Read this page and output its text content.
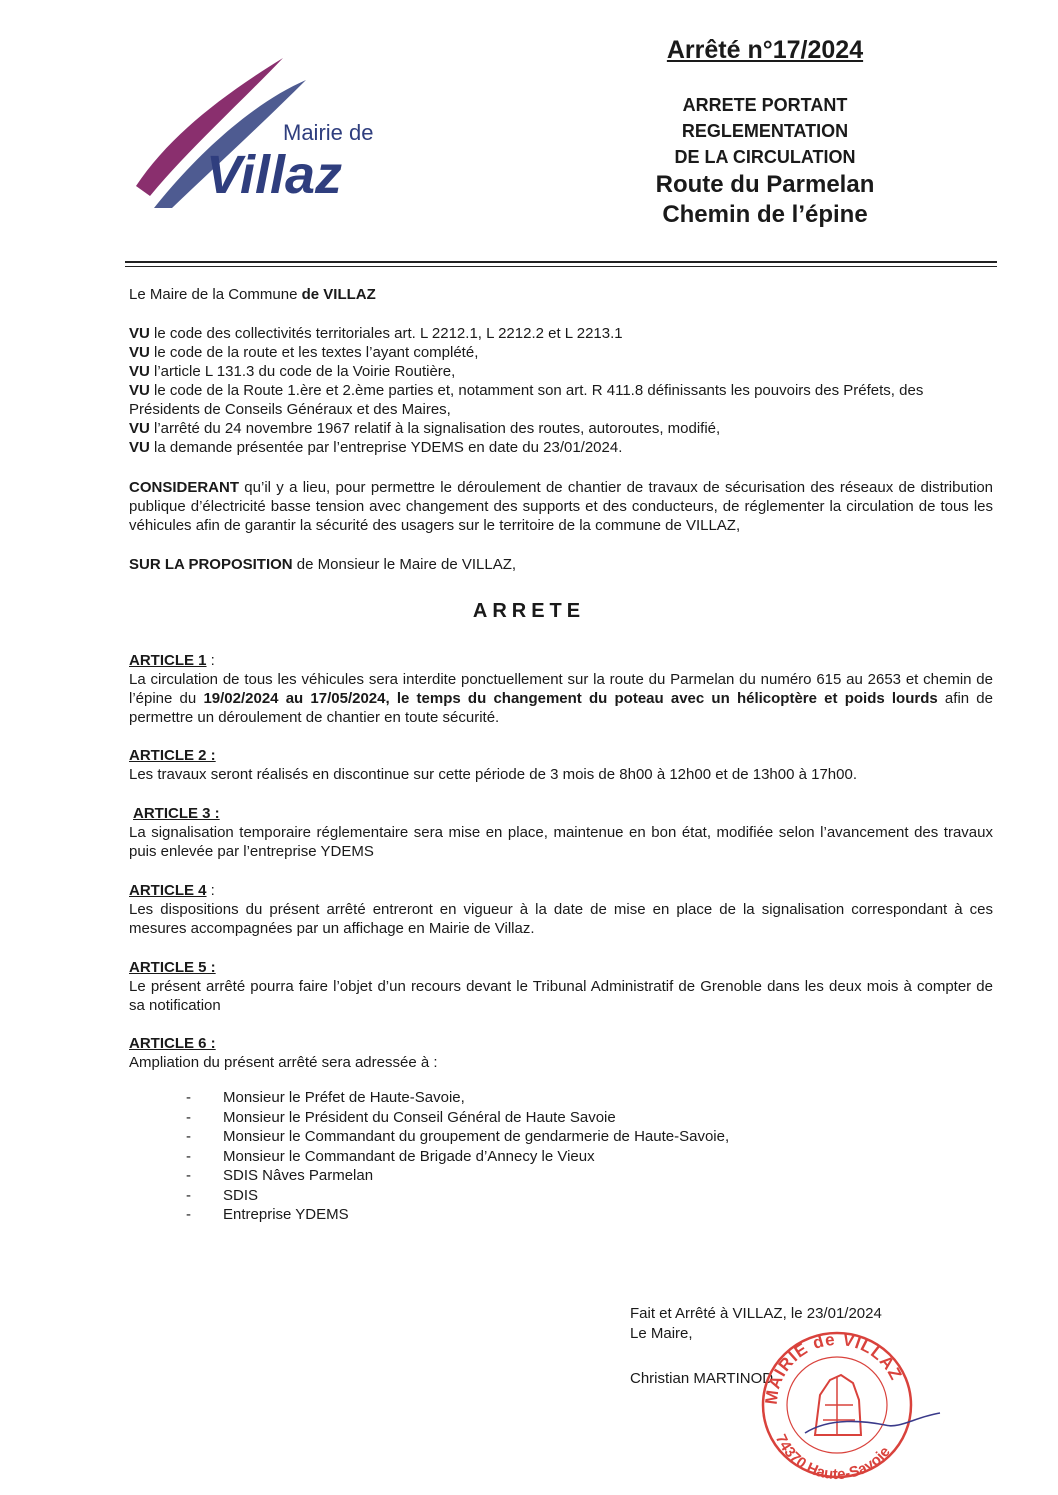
Mairie de
Villaz
Arrêté n°17/2024
ARRETE PORTANT
REGLEMENTATION
DE LA CIRCULATION
Route du Parmelan
Chemin de l’épine
Le Maire de la Commune de VILLAZ
VU le code des collectivités territoriales art. L 2212.1, L 2212.2 et L 2213.1
VU le code de la route et les textes l’ayant complété,
VU l’article L 131.3 du code de la Voirie Routière,
VU le code de la Route 1.ère et 2.ème parties et, notamment son art. R 411.8 définissants les pouvoirs des Préfets, des Présidents de Conseils Généraux et des Maires,
VU l’arrêté du 24 novembre 1967 relatif à la signalisation des routes, autoroutes, modifié,
VU la demande présentée par l’entreprise YDEMS en date du 23/01/2024.
CONSIDERANT qu’il y a lieu, pour permettre le déroulement de chantier de travaux de sécurisation des réseaux de distribution publique d’électricité basse tension avec changement des supports et des conducteurs, de réglementer la circulation de tous les véhicules afin de garantir la sécurité des usagers sur le territoire de la commune de VILLAZ,
SUR LA PROPOSITION de Monsieur le Maire de VILLAZ,
ARRETE
ARTICLE 1 :
La circulation de tous les véhicules sera interdite ponctuellement sur la route du Parmelan du numéro 615 au 2653 et chemin de l’épine du 19/02/2024 au 17/05/2024, le temps du changement du poteau avec un hélicoptère et poids lourds afin de permettre un déroulement de chantier en toute sécurité.
ARTICLE 2 :
Les travaux seront réalisés en discontinue sur cette période de 3 mois de 8h00 à 12h00 et de 13h00 à 17h00.
ARTICLE 3 :
La signalisation temporaire réglementaire sera mise en place, maintenue en bon état, modifiée selon l’avancement des travaux puis enlevée par l’entreprise YDEMS
ARTICLE 4 :
Les dispositions du présent arrêté entreront en vigueur à la date de mise en place de la signalisation correspondant à ces mesures accompagnées par un affichage en Mairie de Villaz.
ARTICLE 5 :
Le présent arrêté pourra faire l’objet d’un recours devant le Tribunal Administratif de Grenoble dans les deux mois à compter de sa notification
ARTICLE 6 :
Ampliation du présent arrêté sera adressée à :
-	Monsieur le Préfet de Haute-Savoie,
-	Monsieur le Président du Conseil Général de Haute Savoie
-	Monsieur le Commandant du groupement de gendarmerie de Haute-Savoie,
-	Monsieur le Commandant de Brigade d’Annecy le Vieux
-	SDIS Nâves Parmelan
-	SDIS
-	Entreprise YDEMS
Fait et Arrêté à VILLAZ, le 23/01/2024
Le Maire,
Christian MARTINOD
MAIRIE de VILLAZ
74370 Haute-Savoie
